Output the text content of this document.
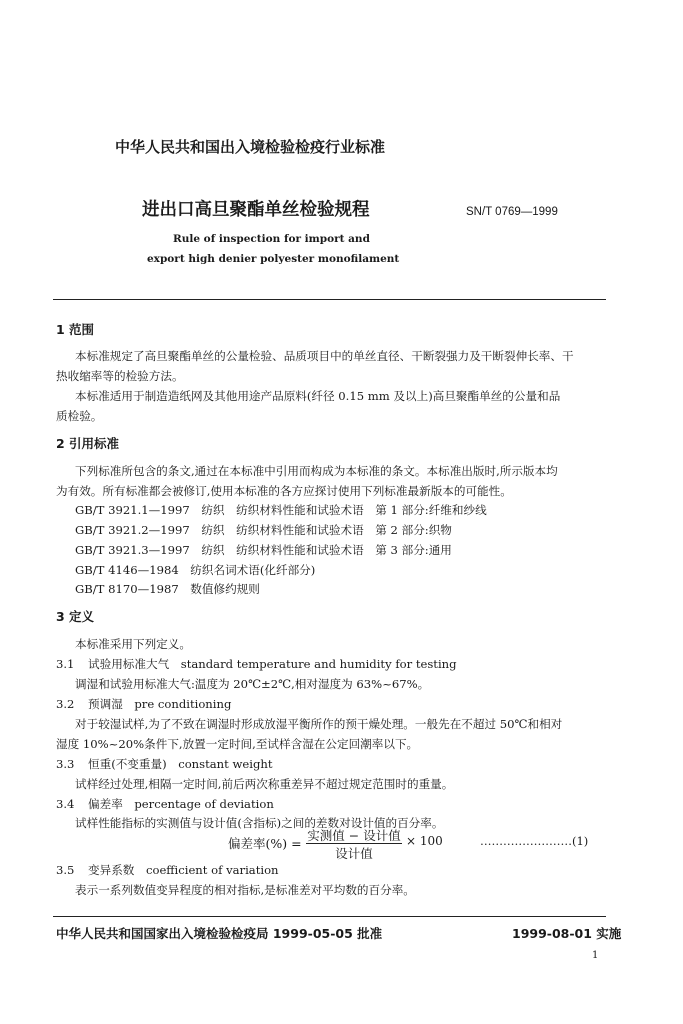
中华人民共和国出入境检验检疫行业标准
进出口高旦聚酯单丝检验规程	SN/T 0769—1999
Rule of inspection for import and
export high denier polyester monofilament
1 范围
本标准规定了高旦聚酯单丝的公量检验、品质项目中的单丝直径、干断裂强力及干断裂伸长率、干
热收缩率等的检验方法。
本标准适用于制造造纸网及其他用途产品原料(纤径 0.15 mm 及以上)高旦聚酯单丝的公量和品
质检验。
2 引用标准
下列标准所包含的条文,通过在本标准中引用而构成为本标准的条文。本标准出版时,所示版本均
为有效。所有标准都会被修订,使用本标准的各方应探讨使用下列标准最新版本的可能性。
GB/T 3921.1—1997　纺织　纺织材料性能和试验术语　第 1 部分:纤维和纱线
GB/T 3921.2—1997　纺织　纺织材料性能和试验术语　第 2 部分:织物
GB/T 3921.3—1997　纺织　纺织材料性能和试验术语　第 3 部分:通用
GB/T 4146—1984　纺织名词术语(化纤部分)
GB/T 8170—1987　数值修约规则
3 定义
本标准采用下列定义。
3.1 试验用标准大气　standard temperature and humidity for testing
调湿和试验用标准大气:温度为 20℃±2℃,相对湿度为 63%~67%。
3.2 预调湿　pre conditioning
对于较湿试样,为了不致在调湿时形成放湿平衡所作的预干燥处理。一般先在不超过 50℃和相对
湿度 10%~20%条件下,放置一定时间,至试样含湿在公定回潮率以下。
3.3 恒重(不变重量)　constant weight
试样经过处理,相隔一定时间,前后两次称重差异不超过规定范围时的重量。
3.4 偏差率　percentage of deviation
试样性能指标的实测值与设计值(含指标)之间的差数对设计值的百分率。
偏差率(%) =
实测值 − 设计值
设计值
× 100	……………………(1)
3.5 变异系数　coefficient of variation
表示一系列数值变异程度的相对指标,是标准差对平均数的百分率。
中华人民共和国国家出入境检验检疫局 1999-05-05 批准	1999-08-01 实施
1
